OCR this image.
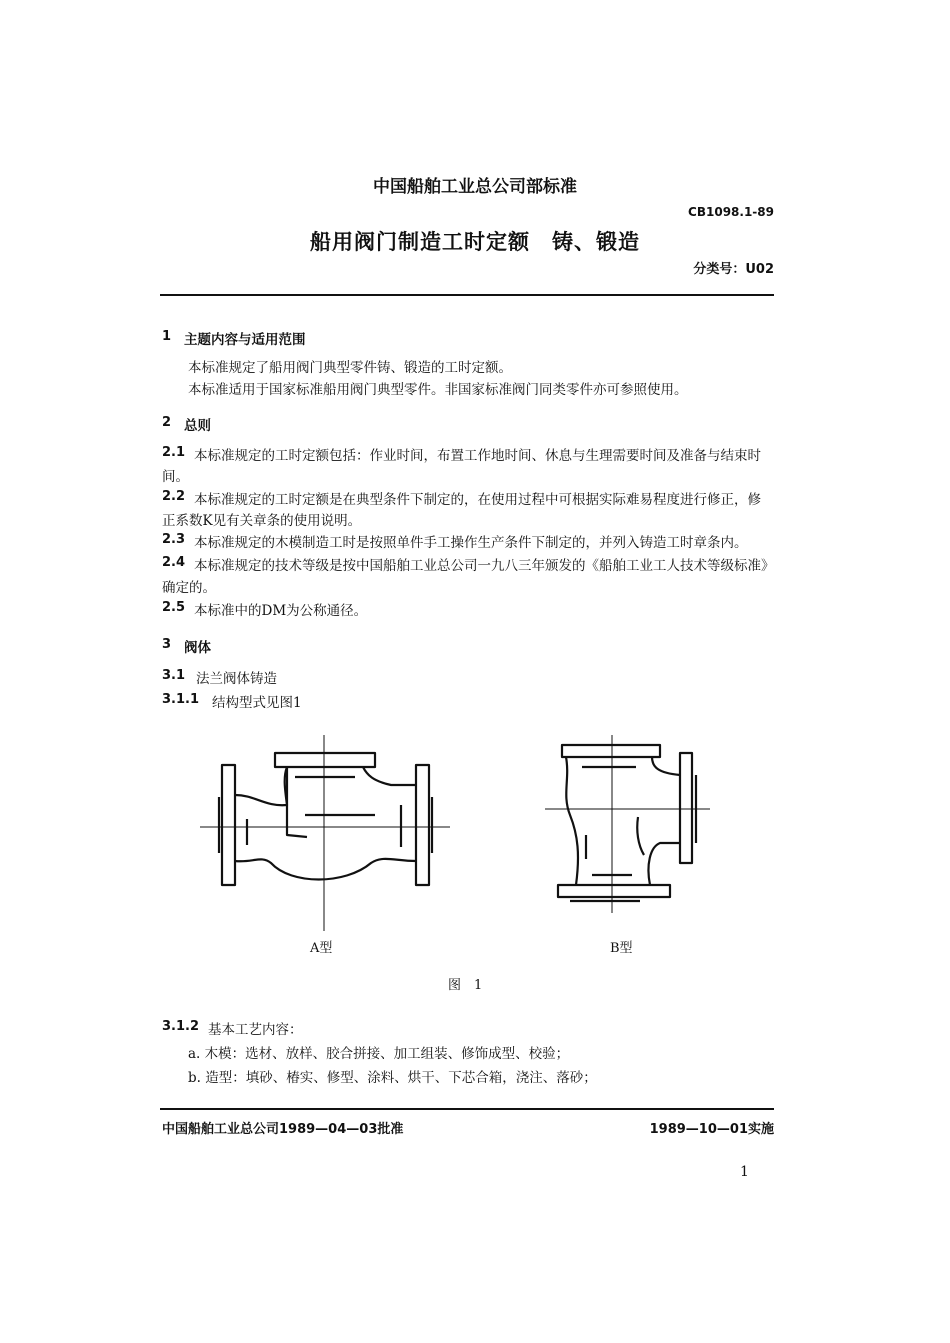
中国船舶工业总公司部标准
CB1098.1-89
船用阀门制造工时定额　铸、锻造
分类号：U02
1 主题内容与适用范围
本标准规定了船用阀门典型零件铸、锻造的工时定额。
本标准适用于国家标准船用阀门典型零件。非国家标准阀门同类零件亦可参照使用。
2 总则
2.1 本标准规定的工时定额包括：作业时间，布置工作地时间、休息与生理需要时间及准备与结束时
间。
2.2 本标准规定的工时定额是在典型条件下制定的，在使用过程中可根据实际难易程度进行修正，修
正系数K见有关章条的使用说明。
2.3 本标准规定的木模制造工时是按照单件手工操作生产条件下制定的，并列入铸造工时章条内。
2.4 本标准规定的技术等级是按中国船舶工业总公司一九八三年颁发的《船舶工业工人技术等级标准》
确定的。
2.5 本标准中的DM为公称通径。
3 阀体
3.1 法兰阀体铸造
3.1.1 结构型式见图1
A型	B型
图　1
3.1.2 基本工艺内容：
a. 木模：选材、放样、胶合拼接、加工组装、修饰成型、校验；
b. 造型：填砂、椿实、修型、涂料、烘干、下芯合箱，浇注、落砂；
中国船舶工业总公司1989—04—03批准	1989—10—01实施
1
